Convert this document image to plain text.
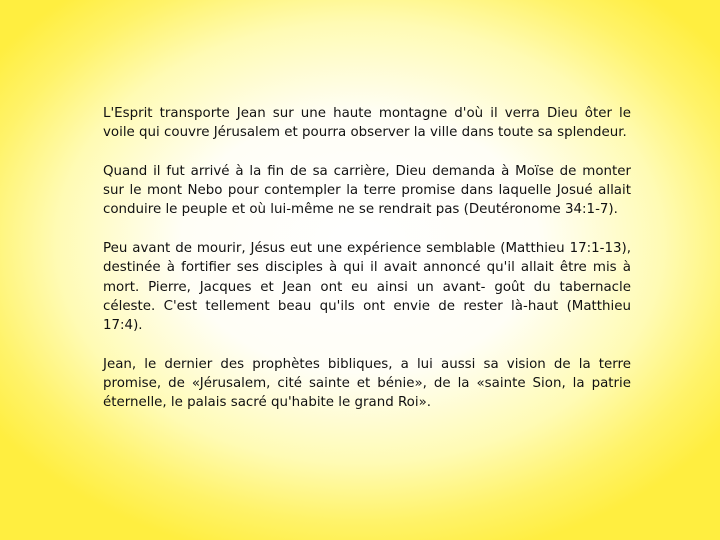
L'Esprit transporte Jean sur une haute montagne d'où il verra Dieu ôter le voile qui couvre Jérusalem et pourra observer la ville dans toute sa splendeur.

Quand il fut arrivé à la fin de sa carrière, Dieu demanda à Moïse de monter sur le mont Nebo pour contempler la terre promise dans laquelle Josué allait conduire le peuple et où lui-même ne se rendrait pas (Deutéronome 34:1-7).

Peu avant de mourir, Jésus eut une expérience semblable (Matthieu 17:1-13), destinée à fortifier ses disciples à qui il avait annoncé qu'il allait être mis à mort. Pierre, Jacques et Jean ont eu ainsi un avant- goût du tabernacle céleste. C'est tellement beau qu'ils ont envie de rester là-haut (Matthieu 17:4).

Jean, le dernier des prophètes bibliques, a lui aussi sa vision de la terre promise, de «Jérusalem, cité sainte et bénie», de la «sainte Sion, la patrie éternelle, le palais sacré qu'habite le grand Roi».
